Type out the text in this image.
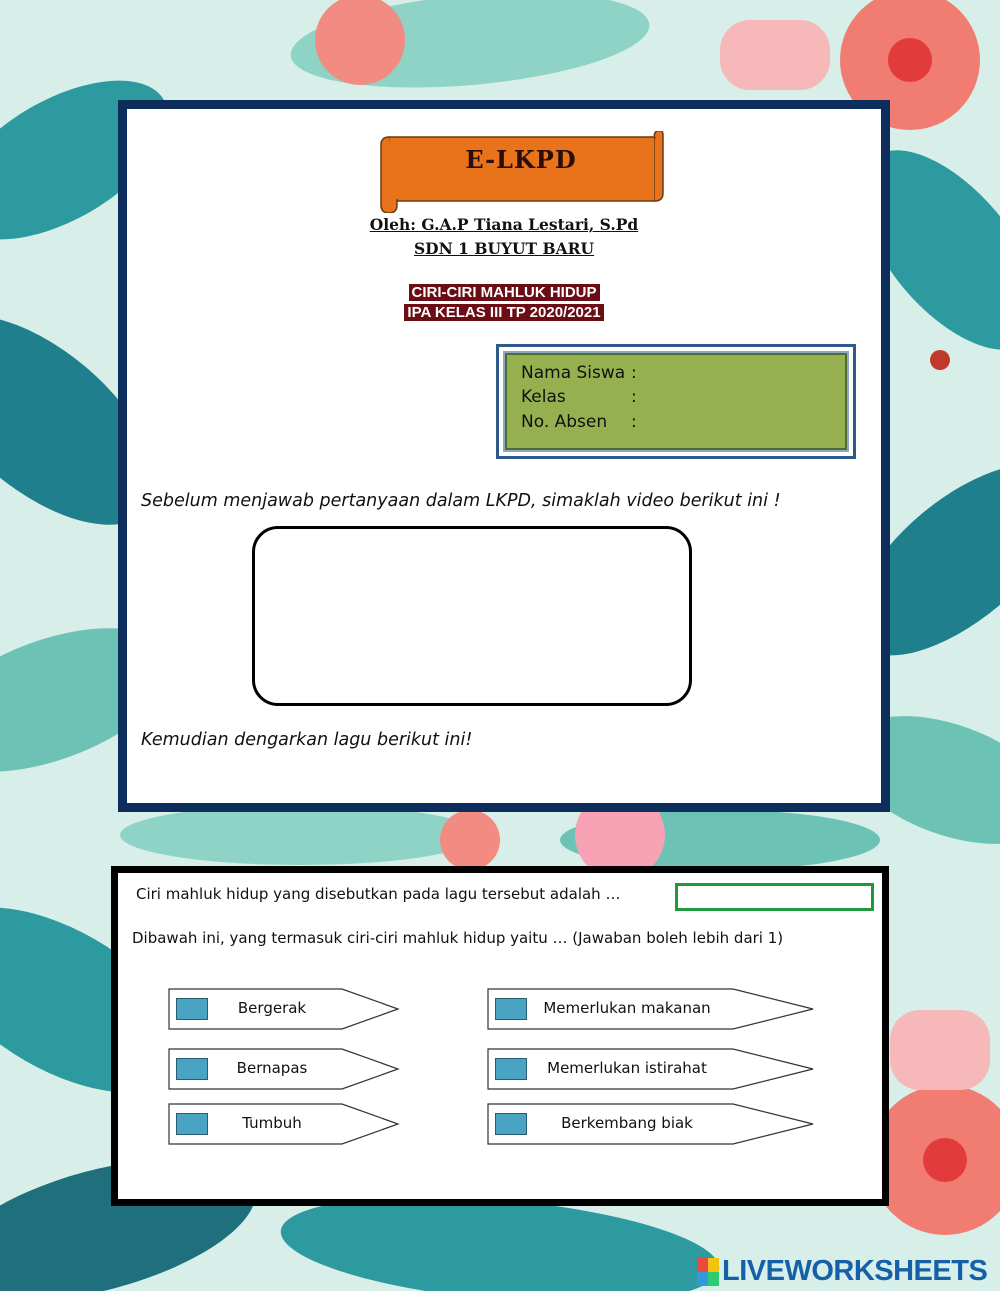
E-LKPD
Oleh: G.A.P Tiana Lestari, S.Pd
SDN 1 BUYUT BARU
CIRI-CIRI MAHLUK HIDUP
IPA KELAS III TP 2020/2021
Nama Siswa :
Kelas	:
No. Absen :
Sebelum menjawab pertanyaan dalam LKPD, simaklah video berikut ini !
Kemudian dengarkan lagu berikut ini!
Ciri mahluk hidup yang disebutkan pada lagu tersebut adalah …
Dibawah ini, yang termasuk ciri-ciri mahluk hidup yaitu … (Jawaban boleh lebih dari 1)
Bergerak	Memerlukan makanan
Bernapas	Memerlukan istirahat
Tumbuh	Berkembang biak
LIVEWORKSHEETS
